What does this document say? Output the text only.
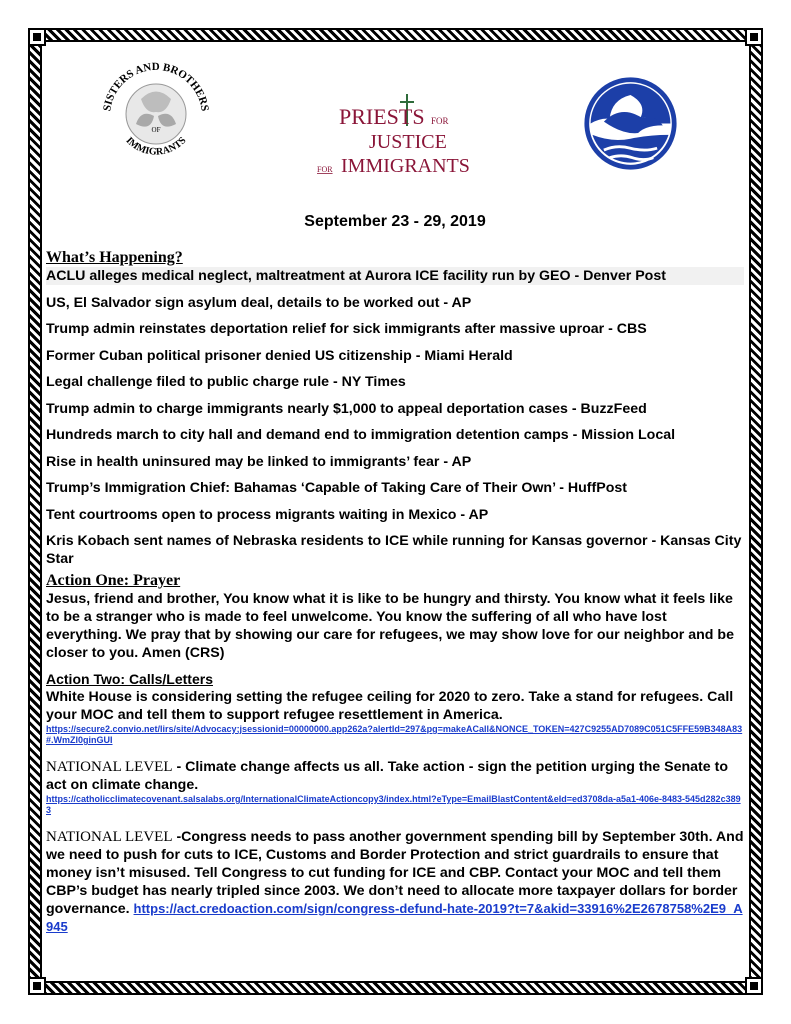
SISTERS AND BROTHERS
OF
IMMIGRANTS
PRIESTS FOR
JUSTICE
FOR IMMIGRANTS
September 23 - 29, 2019
What’s Happening?
ACLU alleges medical neglect, maltreatment at Aurora ICE facility run by GEO - Denver Post
US, El Salvador sign asylum deal, details to be worked out - AP
Trump admin reinstates deportation relief for sick immigrants after massive uproar - CBS
Former Cuban political prisoner denied US citizenship - Miami Herald
Legal challenge filed to public charge rule - NY Times
Trump admin to charge immigrants nearly $1,000 to appeal deportation cases - BuzzFeed
Hundreds march to city hall and demand end to immigration detention camps - Mission Local
Rise in health uninsured may be linked to immigrants’ fear - AP
Trump’s Immigration Chief: Bahamas ‘Capable of Taking Care of Their Own’ - HuffPost
Tent courtrooms open to process migrants waiting in Mexico - AP
Kris Kobach sent names of Nebraska residents to ICE while running for Kansas governor - Kansas City Star
Action One: Prayer

Jesus, friend and brother, You know what it is like to be hungry and thirsty. You know what it feels like to be a stranger who is made to feel unwelcome. You know the suffering of all who have lost everything. We pray that by showing our care for refugees, we may show love for our neighbor and be closer to you. Amen (CRS)

Action Two: Calls/Letters

White House is considering setting the refugee ceiling for 2020 to zero. Take a stand for refugees. Call your MOC and tell them to support refugee resettlement in America.

https://secure2.convio.net/lirs/site/Advocacy;jsessionid=00000000.app262a?alertId=297&pg=makeACall&NONCE_TOKEN=427C9255AD7089C051C5FFE59B348A83#.WmZl0ginGUI

NATIONAL LEVEL - Climate change affects us all. Take action - sign the petition urging the Senate to act on climate change.

https://catholicclimatecovenant.salsalabs.org/InternationalClimateActioncopy3/index.html?eType=EmailBlastContent&eId=ed3708da-a5a1-406e-8483-545d282c3893

NATIONAL LEVEL -Congress needs to pass another government spending bill by September 30th. And we need to push for cuts to ICE, Customs and Border Protection and strict guardrails to ensure that money isn’t misused. Tell Congress to cut funding for ICE and CBP. Contact your MOC and tell them CBP’s budget has nearly tripled since 2003. We don’t need to allocate more taxpayer dollars for border governance. https://act.credoaction.com/sign/congress-defund-hate-2019?t=7&akid=33916%2E2678758%2E9_A945
